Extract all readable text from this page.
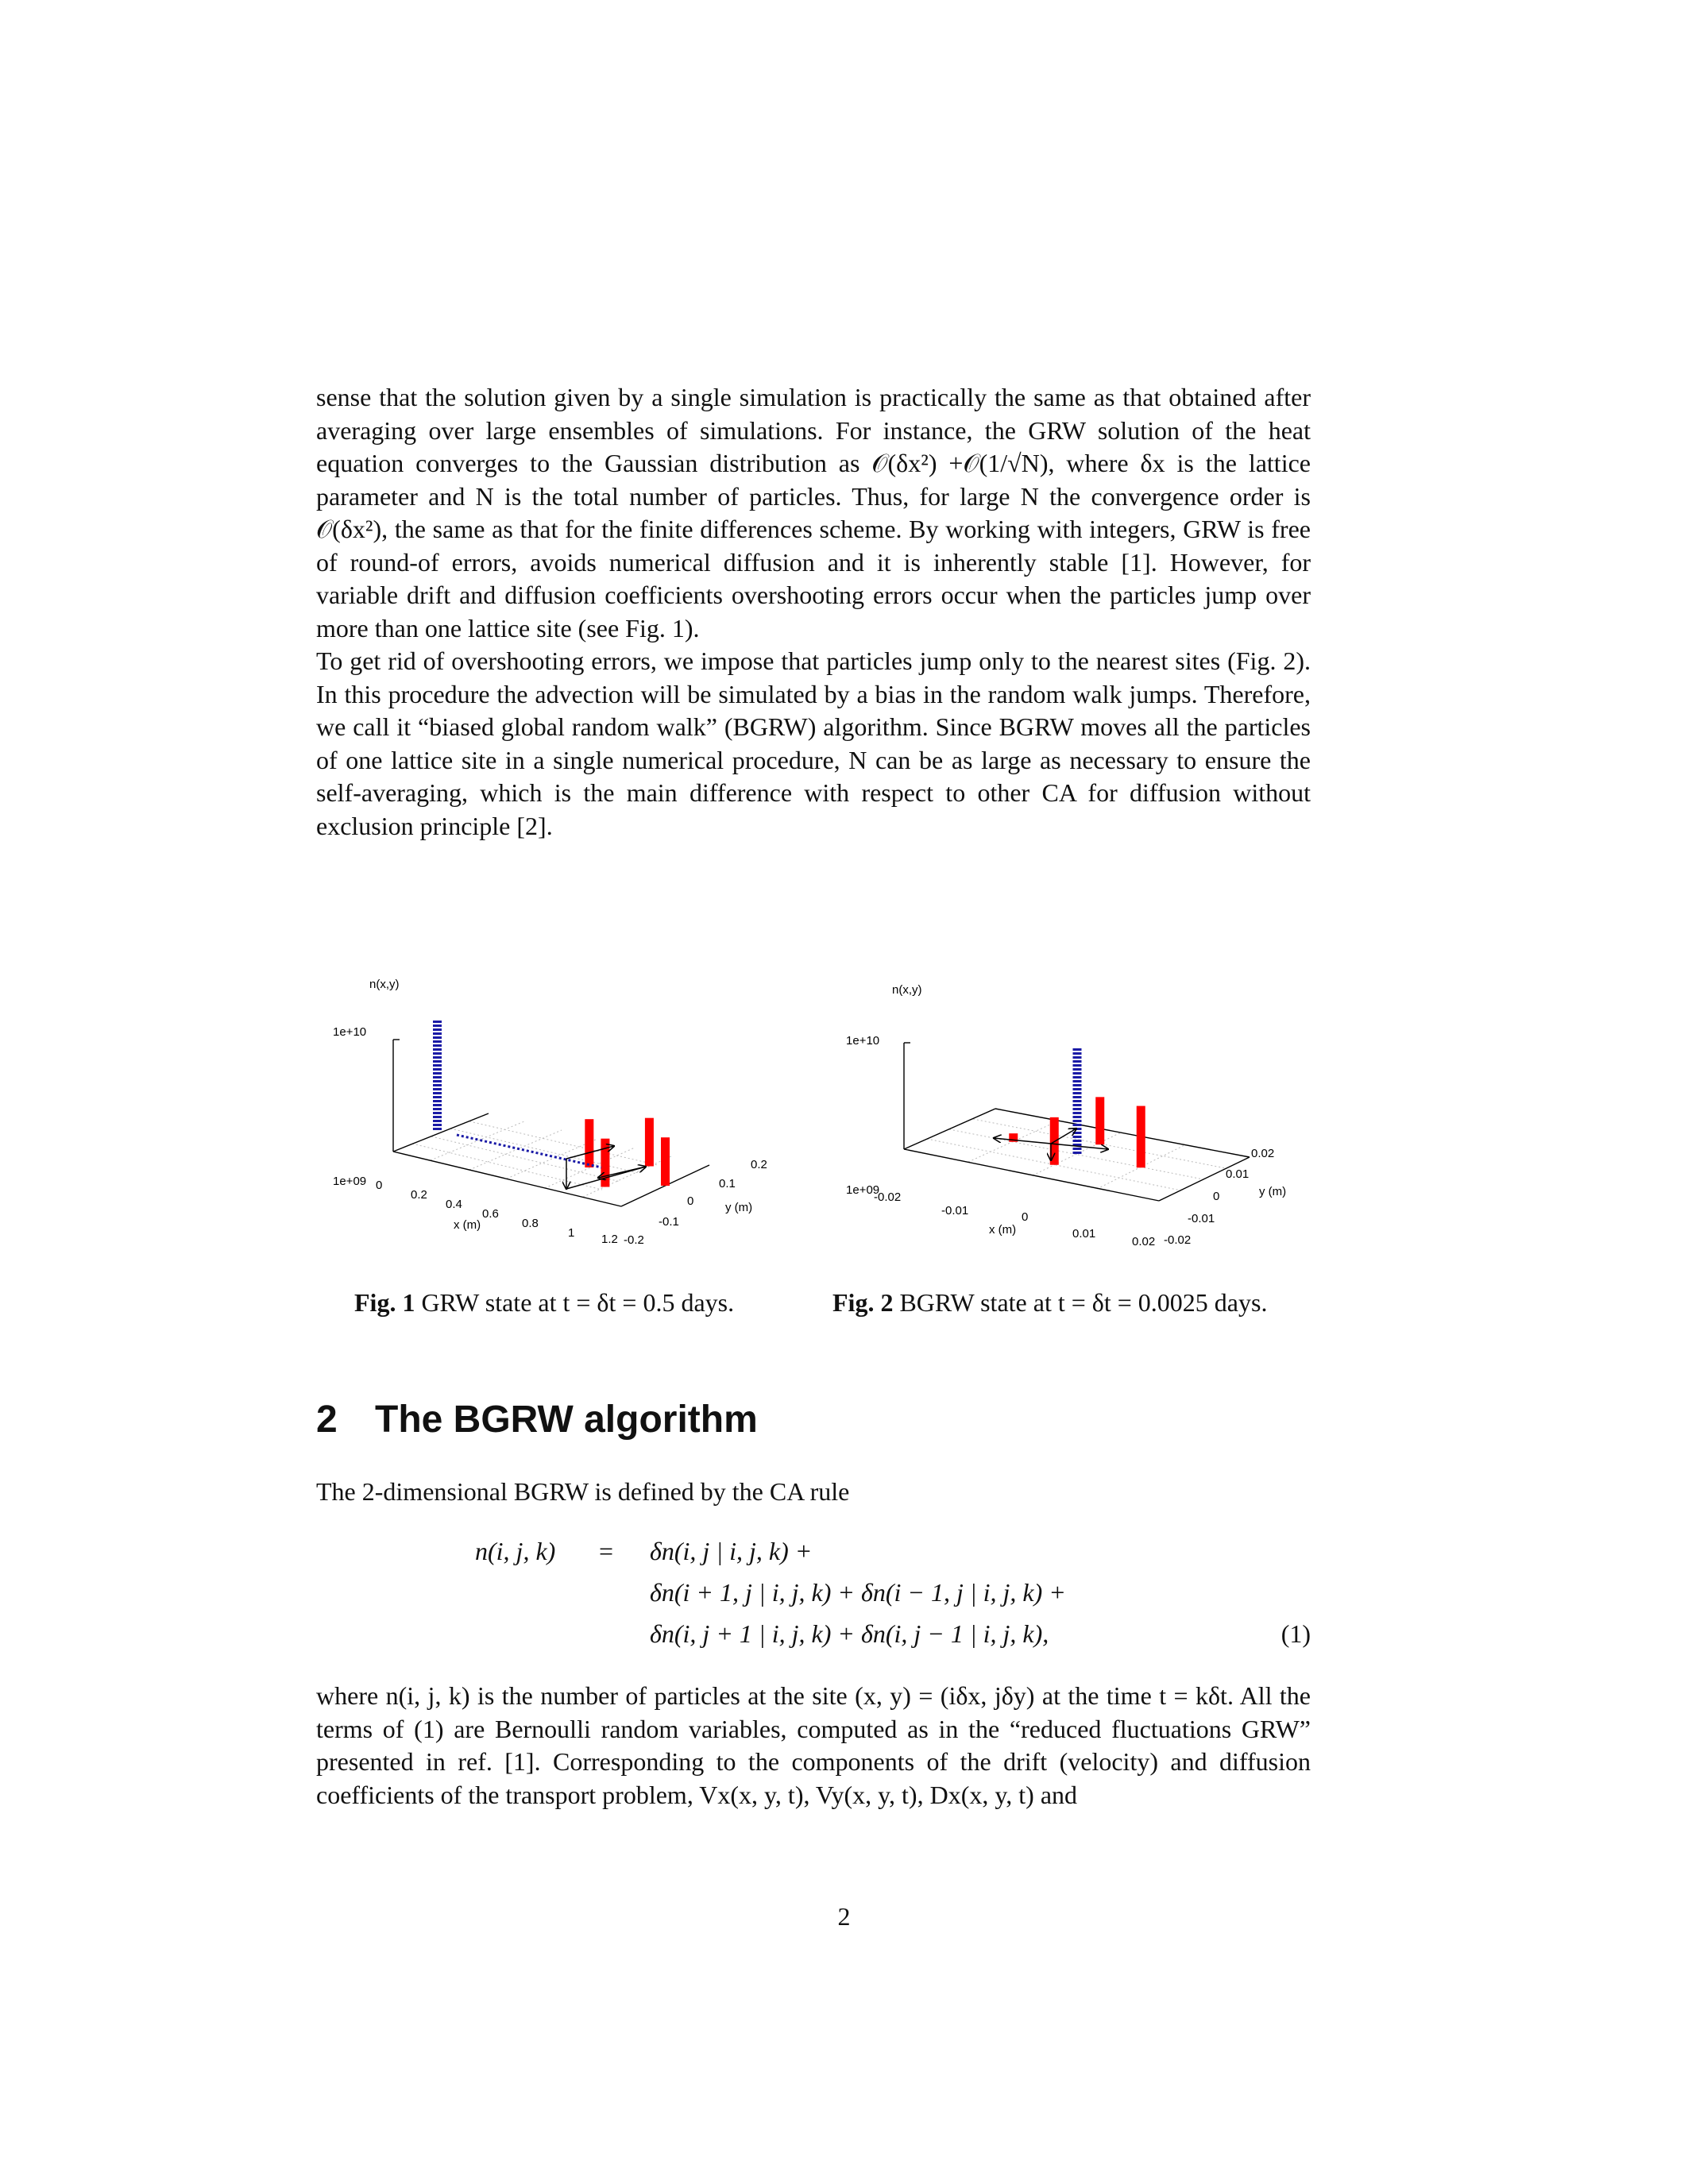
sense that the solution given by a single simulation is practically the same as that obtained after averaging over large ensembles of simulations. For instance, the GRW solution of the heat equation converges to the Gaussian distribution as 𝒪(δx²) +𝒪(1/√N), where δx is the lattice parameter and N is the total number of particles. Thus, for large N the convergence order is 𝒪(δx²), the same as that for the finite differences scheme. By working with integers, GRW is free of round-of errors, avoids numerical diffusion and it is inherently stable [1]. However, for variable drift and diffusion coefficients overshooting errors occur when the particles jump over more than one lattice site (see Fig. 1).

To get rid of overshooting errors, we impose that particles jump only to the nearest sites (Fig. 2). In this procedure the advection will be simulated by a bias in the random walk jumps. Therefore, we call it “biased global random walk” (BGRW) algorithm. Since BGRW moves all the particles of one lattice site in a single numerical procedure, N can be as large as necessary to ensure the self-averaging, which is the main difference with respect to other CA for diffusion without exclusion principle [2].

n(x,y)
1e+10
1e+09 0
0.2
0.4
0.6
0.8
1 1.2
x (m)
-0.2
-0.1
0
0.1
0.2
y (m)
n(x,y)
1e+10
1e+09
-0.02
-0.01	0
0.01
0.02
x (m)
-0.02
-0.01
0
0.01
0.02
y (m)
Fig. 1 GRW state at t = δt = 0.5 days.	Fig. 2 BGRW state at t = δt = 0.0025 days.
2 The BGRW algorithm

The 2-dimensional BGRW is defined by the CA rule

n(i, j, k) = δn(i, j | i, j, k) +
δn(i + 1, j | i, j, k) + δn(i − 1, j | i, j, k) +
δn(i, j + 1 | i, j, k) + δn(i, j − 1 | i, j, k),	(1)

where n(i, j, k) is the number of particles at the site (x, y) = (iδx, jδy) at the time t = kδt. All the terms of (1) are Bernoulli random variables, computed as in the “reduced fluctuations GRW” presented in ref. [1]. Corresponding to the components of the drift (velocity) and diffusion coefficients of the transport problem, Vx(x, y, t), Vy(x, y, t), Dx(x, y, t) and

2
